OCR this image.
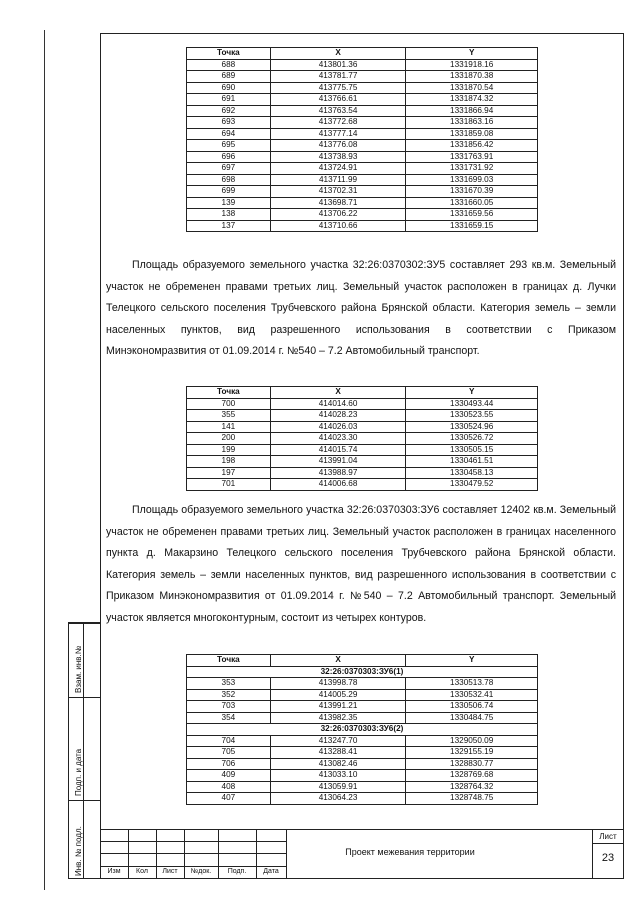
Точка	X	Y
688	413801.36	1331918.16
689	413781.77	1331870.38
690	413775.75	1331870.54
691	413766.61	1331874.32
692	413763.54	1331866.94
693	413772.68	1331863.16
694	413777.14	1331859.08
695	413776.08	1331856.42
696	413738.93	1331763.91
697	413724.91	1331731.92
698	413711.99	1331699.03
699	413702.31	1331670.39
139	413698.71	1331660.05
138	413706.22	1331659.56
137	413710.66	1331659.15

Площадь образуемого земельного участка 32:26:0370302:ЗУ5 составляет 293 кв.м. Земельный участок не обременен правами третьих лиц. Земельный участок расположен в границах д. Лучки Телецкого сельского поселения Трубчевского района Брянской области. Категория земель – земли населенных пунктов, вид разрешенного использования в соответствии с Приказом Минэкономразвития от 01.09.2014 г. №540 – 7.2 Автомобильный транспорт.

Точка	X	Y
700	414014.60	1330493.44
355	414028.23	1330523.55
141	414026.03	1330524.96
200	414023.30	1330526.72
199	414015.74	1330505.15
198	413991.04	1330461.51
197	413988.97	1330458.13
701	414006.68	1330479.52

Площадь образуемого земельного участка 32:26:0370303:ЗУ6 составляет 12402 кв.м. Земельный участок не обременен правами третьих лиц. Земельный участок расположен в границах населенного пункта д. Макарзино Телецкого сельского поселения Трубчевского района Брянской области. Категория земель – земли населенных пунктов, вид разрешенного использования в соответствии с Приказом Минэкономразвития от 01.09.2014 г. №540 – 7.2 Автомобильный транспорт. Земельный участок является многоконтурным, состоит из четырех контуров.

Точка	X	Y
32:26:0370303:ЗУ6(1)		
353	413998.78	1330513.78
352	414005.29	1330532.41
703	413991.21	1330506.74
354	413982.35	1330484.75
32:26:0370303:ЗУ6(2)		
704	413247.70	1329050.09
705	413288.41	1329155.19
706	413082.46	1328830.77
409	413033.10	1328769.68
408	413059.91	1328764.32
407	413064.23	1328748.75
Взам. инв.№
Подп. и дата
Инв. № подл.	Изм	Кол	Лист	№док.	Подп.	Дата
Проект межевания территории
Лист
23
